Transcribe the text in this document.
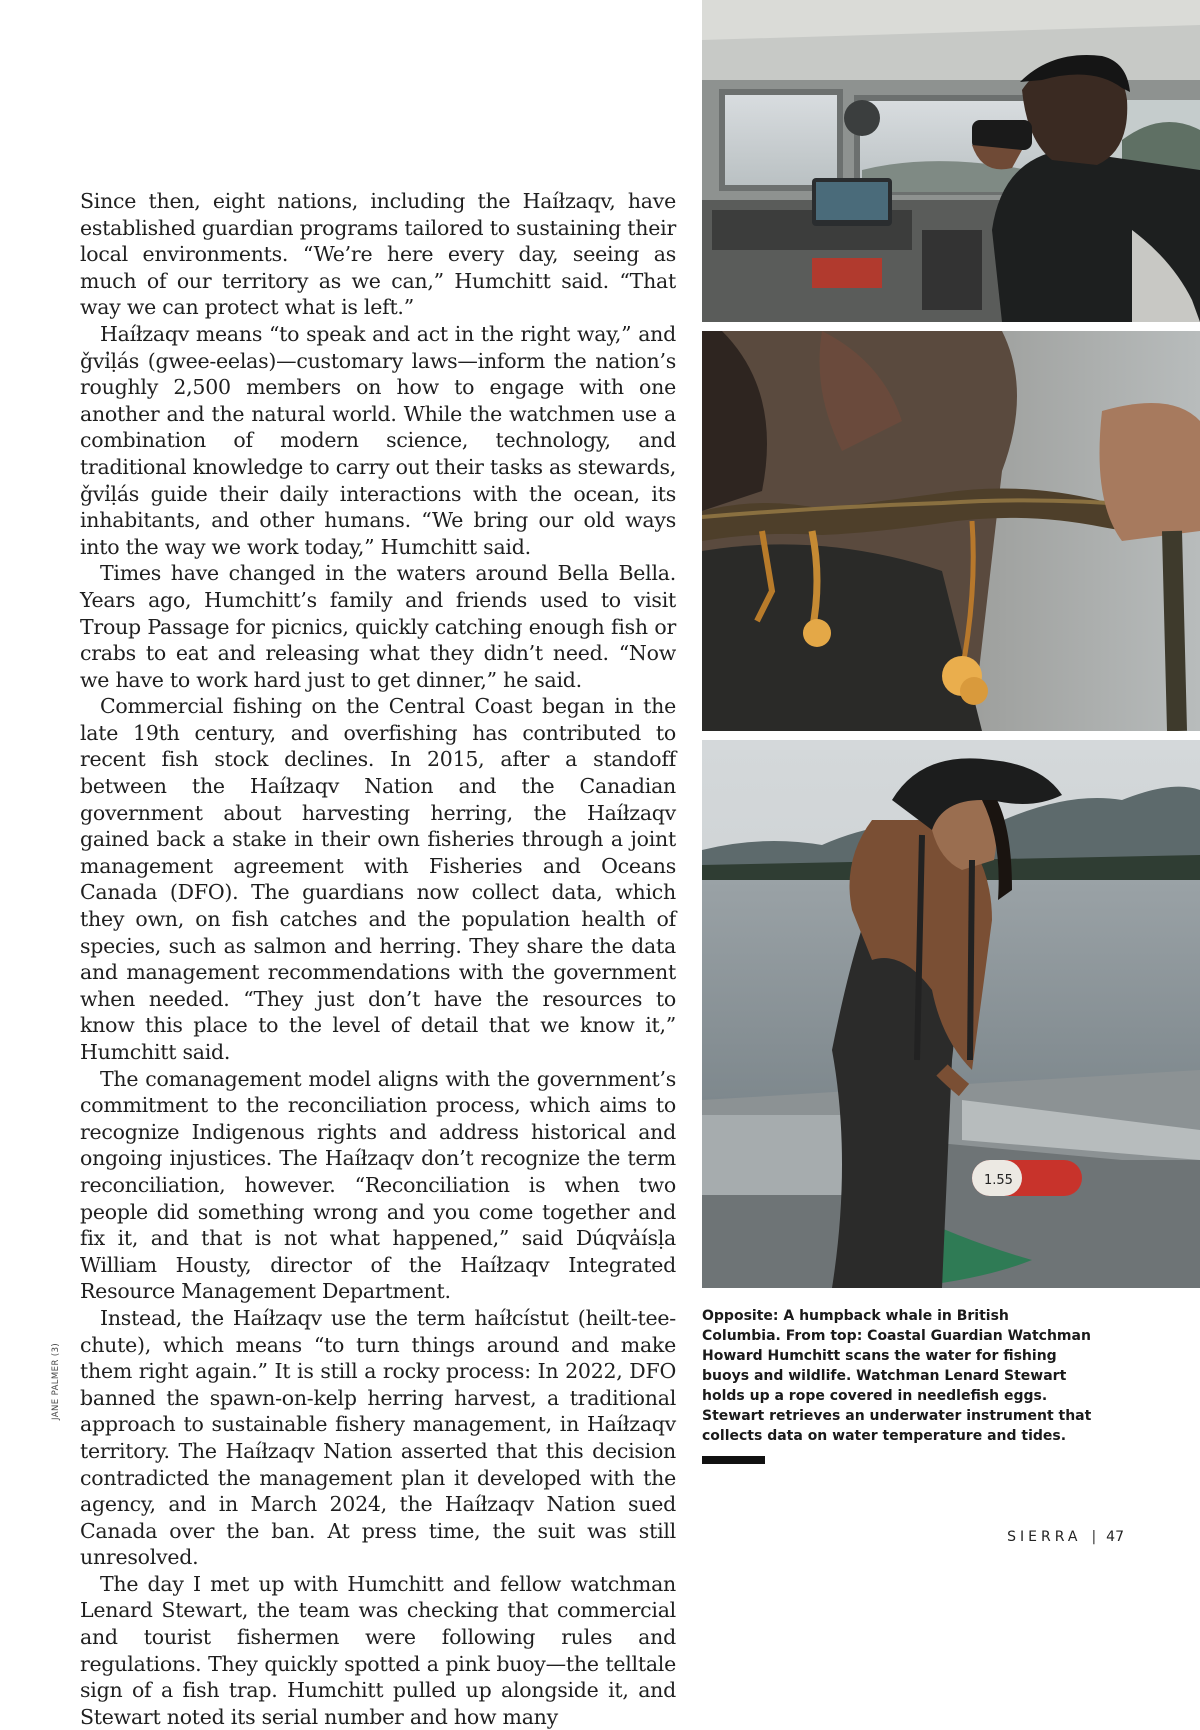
Since then, eight nations, including the Haíłzaqv, have established guardian programs tailored to sustaining their local environments. “We’re here every day, seeing as much of our territory as we can,” Humchitt said. “That way we can protect what is left.”

Haíłzaqv means “to speak and act in the right way,” and ǧvi̓ḷás (gwee-eelas)—customary laws—inform the nation’s roughly 2,500 members on how to engage with one another and the natural world. While the watchmen use a combination of modern science, technology, and traditional knowledge to carry out their tasks as stewards, ǧvi̓ḷás guide their daily interactions with the ocean, its inhabitants, and other humans. “We bring our old ways into the way we work today,” Humchitt said.

Times have changed in the waters around Bella Bella. Years ago, Humchitt’s family and friends used to visit Troup Passage for picnics, quickly catching enough fish or crabs to eat and releasing what they didn’t need. “Now we have to work hard just to get dinner,” he said.

Commercial fishing on the Central Coast began in the late 19th century, and overfishing has contributed to recent fish stock declines. In 2015, after a standoff between the Haíłzaqv Nation and the Canadian government about harvesting herring, the Haíłzaqv gained back a stake in their own fisheries through a joint management agreement with Fisheries and Oceans Canada (DFO). The guardians now collect data, which they own, on fish catches and the population health of species, such as salmon and herring. They share the data and management recommendations with the government when needed. “They just don’t have the resources to know this place to the level of detail that we know it,” Humchitt said.

The comanagement model aligns with the government’s commitment to the reconciliation process, which aims to recognize Indigenous rights and address historical and ongoing injustices. The Haíłzaqv don’t recognize the term reconciliation, however. “Reconciliation is when two people did something wrong and you come together and fix it, and that is not what happened,” said Dúqva̓ísḷa William Housty, director of the Haíłzaqv Integrated Resource Management Department.

Instead, the Haíłzaqv use the term haíłcístut (heilt-tee-chute), which means “to turn things around and make them right again.” It is still a rocky process: In 2022, DFO banned the spawn-on-kelp herring harvest, a traditional approach to sustainable fishery management, in Haíłzaqv territory. The Haíłzaqv Nation asserted that this decision contradicted the management plan it developed with the agency, and in March 2024, the Haíłzaqv Nation sued Canada over the ban. At press time, the suit was still unresolved.

The day I met up with Humchitt and fellow watchman Lenard Stewart, the team was checking that commercial and tourist fishermen were following rules and regulations. They quickly spotted a pink buoy—the telltale sign of a fish trap. Humchitt pulled up alongside it, and Stewart noted its serial number and how many

1.55
Opposite: A humpback whale in British Columbia. From top: Coastal Guardian Watchman Howard Humchitt scans the water for fishing buoys and wildlife. Watchman Lenard Stewart holds up a rope covered in needlefish eggs. Stewart retrieves an underwater instrument that collects data on water temperature and tides.
JANE PALMER (3)
SIERRA | 47
